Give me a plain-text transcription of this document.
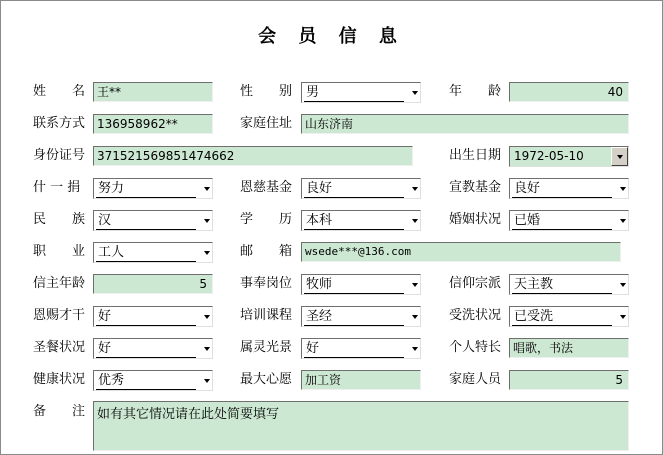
会 员 信 息
姓　　名 王**	性　　别 男	年　　龄	40
联系方式 136958962**	家庭住址	山东济南
身份证号 371521569851474662	出生日期 1972-05-10
什 一 捐 努力	恩慈基金 良好	宣教基金 良好
民　　族 汉	学　　历 本科	婚姻状况 已婚
职　　业 工人	邮　　箱	wsede***@136.com
信主年龄	5	事奉岗位 牧师	信仰宗派 天主教
恩赐才干 好	培训课程 圣经	受洗状况 已受洗
圣餐状况 好	属灵光景 好	个人特长 唱歌，书法
健康状况 优秀	最大心愿	加工资	家庭人员	5
备　　注 如有其它情况请在此处简要填写
